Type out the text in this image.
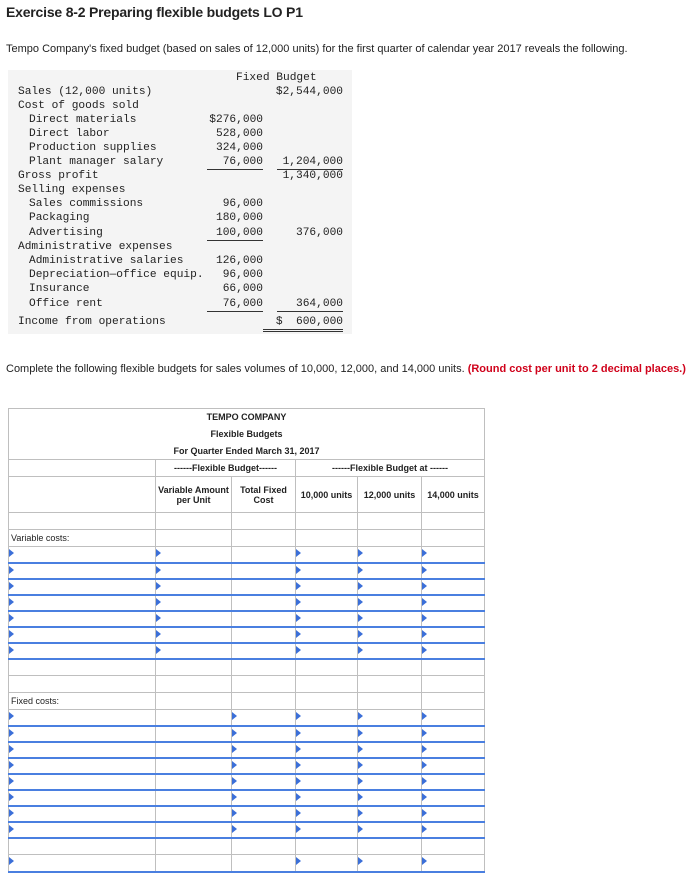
Exercise 8-2 Preparing flexible budgets LO P1
Tempo Company's fixed budget (based on sales of 12,000 units) for the first quarter of calendar year 2017 reveals the following.
Fixed Budget
Sales (12,000 units)	$2,544,000
Cost of goods sold
Direct materials	$276,000
Direct labor	528,000
Production supplies	324,000
Plant manager salary	76,000	1,204,000
Gross profit	1,340,000
Selling expenses
Sales commissions	96,000
Packaging	180,000
Advertising	100,000	376,000
Administrative expenses
Administrative salaries	126,000
Depreciation—office equip.	96,000
Insurance	66,000
Office rent	76,000	364,000
Income from operations	$  600,000
Complete the following flexible budgets for sales volumes of 10,000, 12,000, and 14,000 units. (Round cost per unit to 2 decimal places.)
TEMPO COMPANY					
Flexible Budgets					
For Quarter Ended March 31, 2017					
	------Flexible Budget------		------Flexible Budget at ------		
	Variable Amount per Unit	Total Fixed Cost	10,000 units	12,000 units	14,000 units

Variable costs:					

Fixed costs:					
